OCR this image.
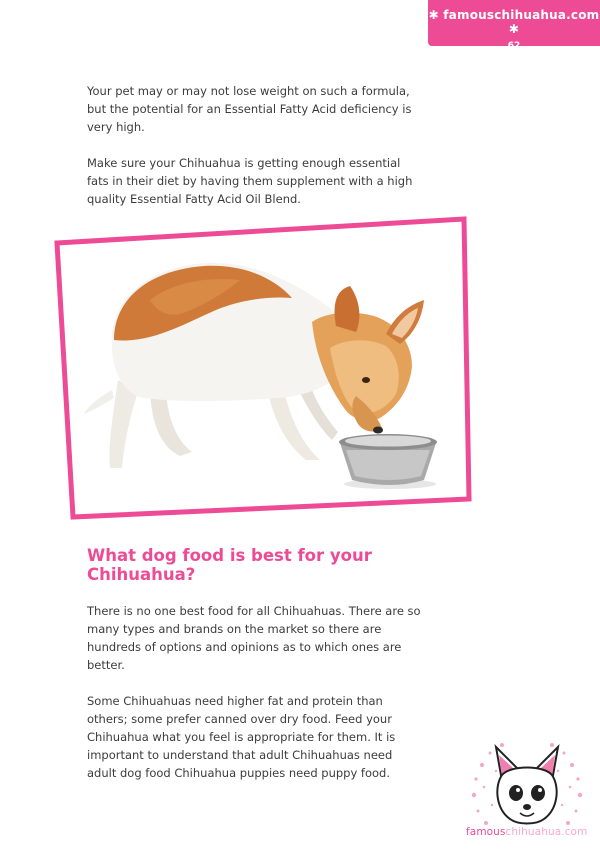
✱ famouschihuahua.com ✱
62

Your pet may or may not lose weight on such a formula, but the potential for an Essential Fatty Acid deficiency is very high.

Make sure your Chihuahua is getting enough essential fats in their diet by having them supplement with a high quality Essential Fatty Acid Oil Blend.

What dog food is best for your Chihuahua?

There is no one best food for all Chihuahuas. There are so many types and brands on the market so there are hundreds of options and opinions as to which ones are better.

Some Chihuahuas need higher fat and protein than others; some prefer canned over dry food. Feed your Chihuahua what you feel is appropriate for them. It is important to understand that adult Chihuahuas need adult dog food Chihuahua puppies need puppy food.

famouschihuahua.com
